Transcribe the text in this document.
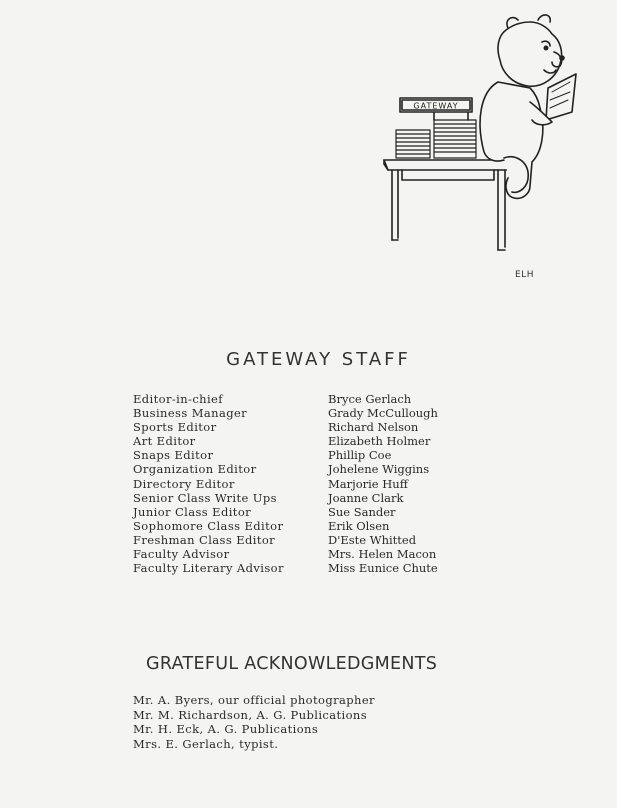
GATEWAY
ELH
GATEWAY STAFF
Editor-in-chief	Bryce Gerlach
Business Manager	Grady McCullough
Sports Editor	Richard Nelson
Art Editor	Elizabeth Holmer
Snaps Editor	Phillip Coe
Organization Editor	Johelene Wiggins
Directory Editor	Marjorie Huff
Senior Class Write Ups	Joanne Clark
Junior Class Editor	Sue Sander
Sophomore Class Editor	Erik Olsen
Freshman Class Editor	D'Este Whitted
Faculty Advisor	Mrs. Helen Macon
Faculty Literary Advisor	Miss Eunice Chute
GRATEFUL ACKNOWLEDGMENTS
Mr. A. Byers, our official photographer
Mr. M. Richardson, A. G. Publications
Mr. H. Eck, A. G. Publications
Mrs. E. Gerlach, typist.
